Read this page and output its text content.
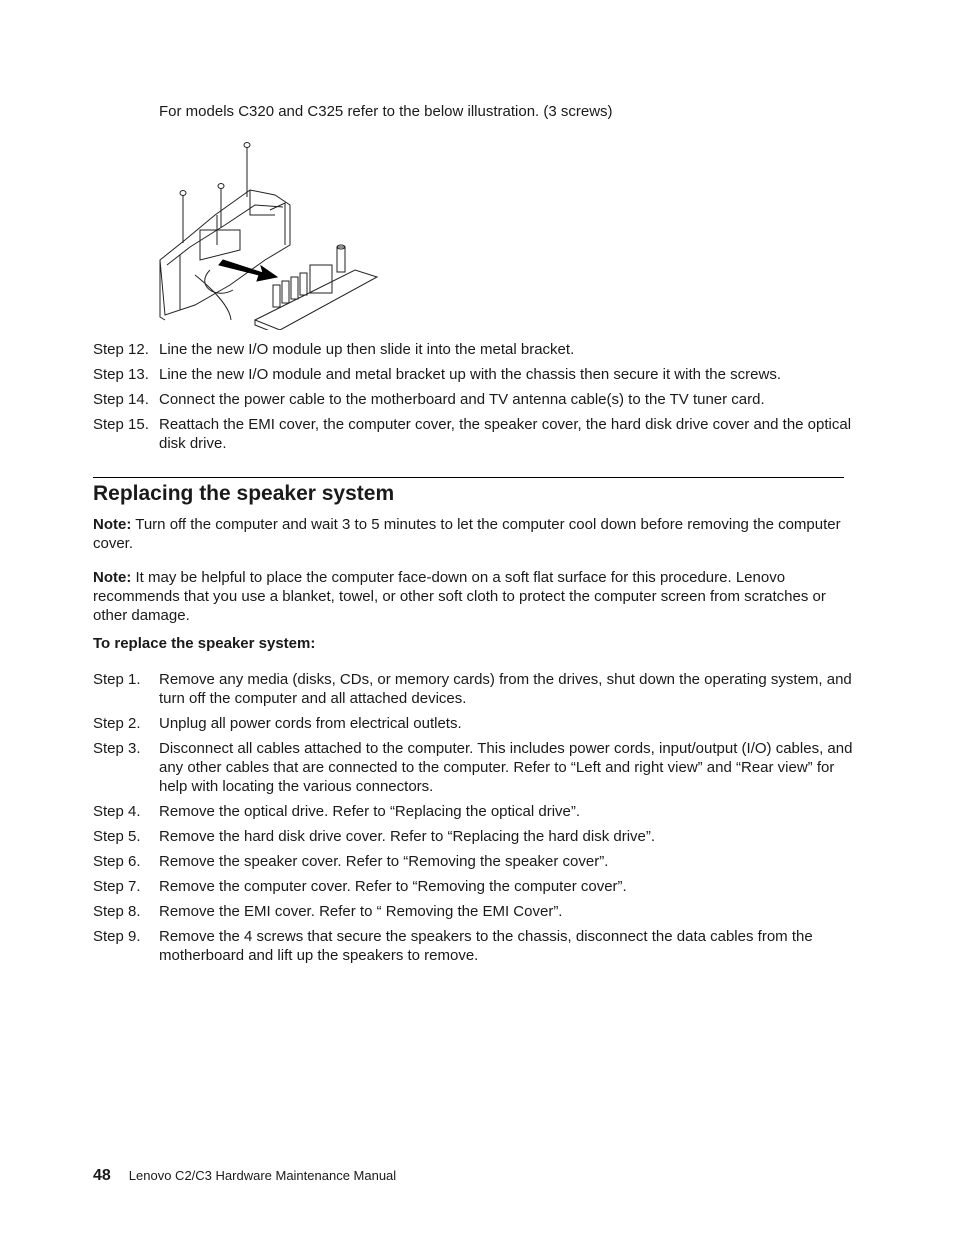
For models C320 and C325 refer to the below illustration. (3 screws)
Step 12. Line the new I/O module up then slide it into the metal bracket.
Step 13. Line the new I/O module and metal bracket up with the chassis then secure it with the screws.
Step 14. Connect the power cable to the motherboard and TV antenna cable(s) to the TV tuner card.
Step 15. Reattach the EMI cover, the computer cover, the speaker cover, the hard disk drive cover and the optical disk drive.
Replacing the speaker system
Note: Turn off the computer and wait 3 to 5 minutes to let the computer cool down before removing the computer cover.
Note: It may be helpful to place the computer face-down on a soft flat surface for this procedure. Lenovo recommends that you use a blanket, towel, or other soft cloth to protect the computer screen from scratches or other damage.
To replace the speaker system:
Step 1.	Remove any media (disks, CDs, or memory cards) from the drives, shut down the operating system, and turn off the computer and all attached devices.
Step 2.	Unplug all power cords from electrical outlets.
Step 3.	Disconnect all cables attached to the computer. This includes power cords, input/output (I/O) cables, and any other cables that are connected to the computer. Refer to “Left and right view” and “Rear view” for help with locating the various connectors.
Step 4.	Remove the optical drive. Refer to “Replacing the optical drive”.
Step 5.	Remove the hard disk drive cover. Refer to “Replacing the hard disk drive”.
Step 6.	Remove the speaker cover. Refer to “Removing the speaker cover”.
Step 7.	Remove the computer cover. Refer to “Removing the computer cover”.
Step 8.	Remove the EMI cover. Refer to “ Removing the EMI Cover”.
Step 9.	Remove the 4 screws that secure the speakers to the chassis, disconnect the data cables from the motherboard and lift up the speakers to remove.
48 Lenovo C2/C3 Hardware Maintenance Manual
